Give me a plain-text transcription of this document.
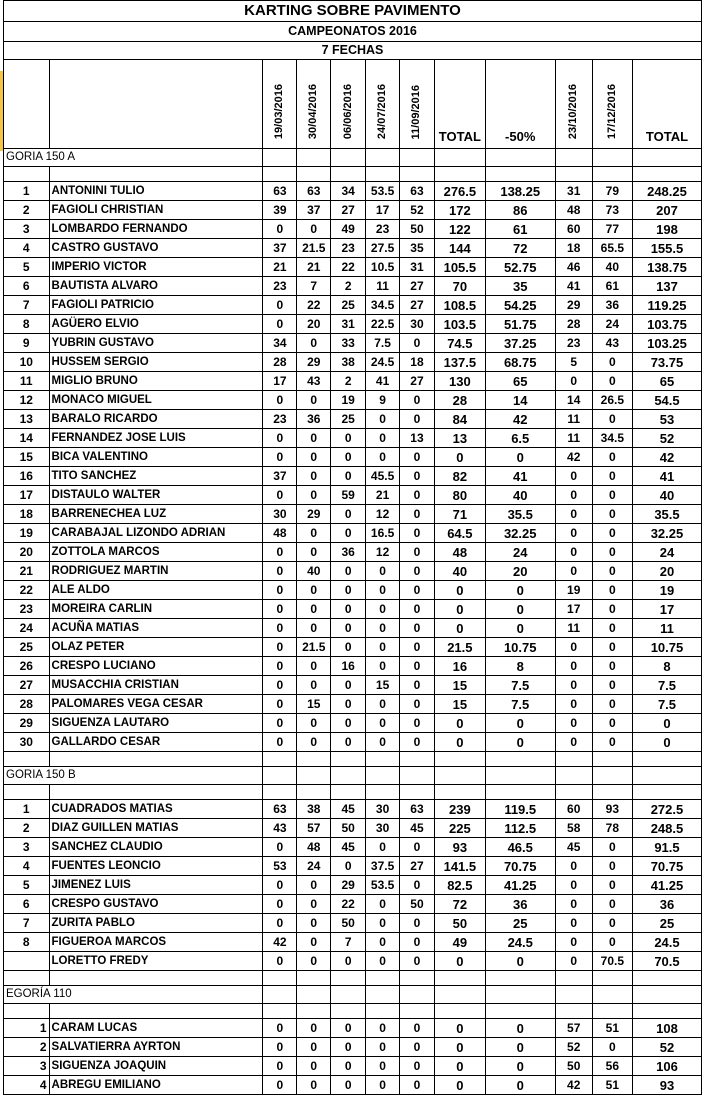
KARTING SOBRE PAVIMENTO											
CAMPEONATOS 2016											
7 FECHAS											
		19/03/2016	30/04/2016	06/06/2016	24/07/2016	11/09/2016	TOTAL	-50%	23/10/2016	17/12/2016	TOTAL
GORIA 150 A											

1	ANTONINI TULIO	63	63	34	53.5	63	276.5	138.25	31	79	248.25
2	FAGIOLI CHRISTIAN	39	37	27	17	52	172	86	48	73	207
3	LOMBARDO FERNANDO	0	0	49	23	50	122	61	60	77	198
4	CASTRO GUSTAVO	37	21.5	23	27.5	35	144	72	18	65.5	155.5
5	IMPERIO VICTOR	21	21	22	10.5	31	105.5	52.75	46	40	138.75
6	BAUTISTA ALVARO	23	7	2	11	27	70	35	41	61	137
7	FAGIOLI PATRICIO	0	22	25	34.5	27	108.5	54.25	29	36	119.25
8	AGÜERO ELVIO	0	20	31	22.5	30	103.5	51.75	28	24	103.75
9	YUBRIN GUSTAVO	34	0	33	7.5	0	74.5	37.25	23	43	103.25
10	HUSSEM SERGIO	28	29	38	24.5	18	137.5	68.75	5	0	73.75
11	MIGLIO BRUNO	17	43	2	41	27	130	65	0	0	65
12	MONACO MIGUEL	0	0	19	9	0	28	14	14	26.5	54.5
13	BARALO RICARDO	23	36	25	0	0	84	42	11	0	53
14	FERNANDEZ JOSE LUIS	0	0	0	0	13	13	6.5	11	34.5	52
15	BICA VALENTINO	0	0	0	0	0	0	0	42	0	42
16	TITO SANCHEZ	37	0	0	45.5	0	82	41	0	0	41
17	DISTAULO WALTER	0	0	59	21	0	80	40	0	0	40
18	BARRENECHEA LUZ	30	29	0	12	0	71	35.5	0	0	35.5
19	CARABAJAL LIZONDO ADRIAN	48	0	0	16.5	0	64.5	32.25	0	0	32.25
20	ZOTTOLA MARCOS	0	0	36	12	0	48	24	0	0	24
21	RODRIGUEZ MARTIN	0	40	0	0	0	40	20	0	0	20
22	ALE ALDO	0	0	0	0	0	0	0	19	0	19
23	MOREIRA CARLIN	0	0	0	0	0	0	0	17	0	17
24	ACUÑA MATIAS	0	0	0	0	0	0	0	11	0	11
25	OLAZ PETER	0	21.5	0	0	0	21.5	10.75	0	0	10.75
26	CRESPO LUCIANO	0	0	16	0	0	16	8	0	0	8
27	MUSACCHIA CRISTIAN	0	0	0	15	0	15	7.5	0	0	7.5
28	PALOMARES VEGA CESAR	0	15	0	0	0	15	7.5	0	0	7.5
29	SIGUENZA LAUTARO	0	0	0	0	0	0	0	0	0	0
30	GALLARDO CESAR	0	0	0	0	0	0	0	0	0	0

GORIA 150 B											

1	CUADRADOS MATIAS	63	38	45	30	63	239	119.5	60	93	272.5
2	DIAZ GUILLEN MATIAS	43	57	50	30	45	225	112.5	58	78	248.5
3	SANCHEZ CLAUDIO	0	48	45	0	0	93	46.5	45	0	91.5
4	FUENTES LEONCIO	53	24	0	37.5	27	141.5	70.75	0	0	70.75
5	JIMENEZ LUIS	0	0	29	53.5	0	82.5	41.25	0	0	41.25
6	CRESPO GUSTAVO	0	0	22	0	50	72	36	0	0	36
7	ZURITA PABLO	0	0	50	0	0	50	25	0	0	25
8	FIGUEROA MARCOS	42	0	7	0	0	49	24.5	0	0	24.5
	LORETTO FREDY	0	0	0	0	0	0	0	0	70.5	70.5

EGORÍA 110											

1	CARAM LUCAS	0	0	0	0	0	0	0	57	51	108
2	SALVATIERRA AYRTON	0	0	0	0	0	0	0	52	0	52
3	SIGUENZA JOAQUIN	0	0	0	0	0	0	0	50	56	106
4	ABREGU EMILIANO	0	0	0	0	0	0	0	42	51	93
